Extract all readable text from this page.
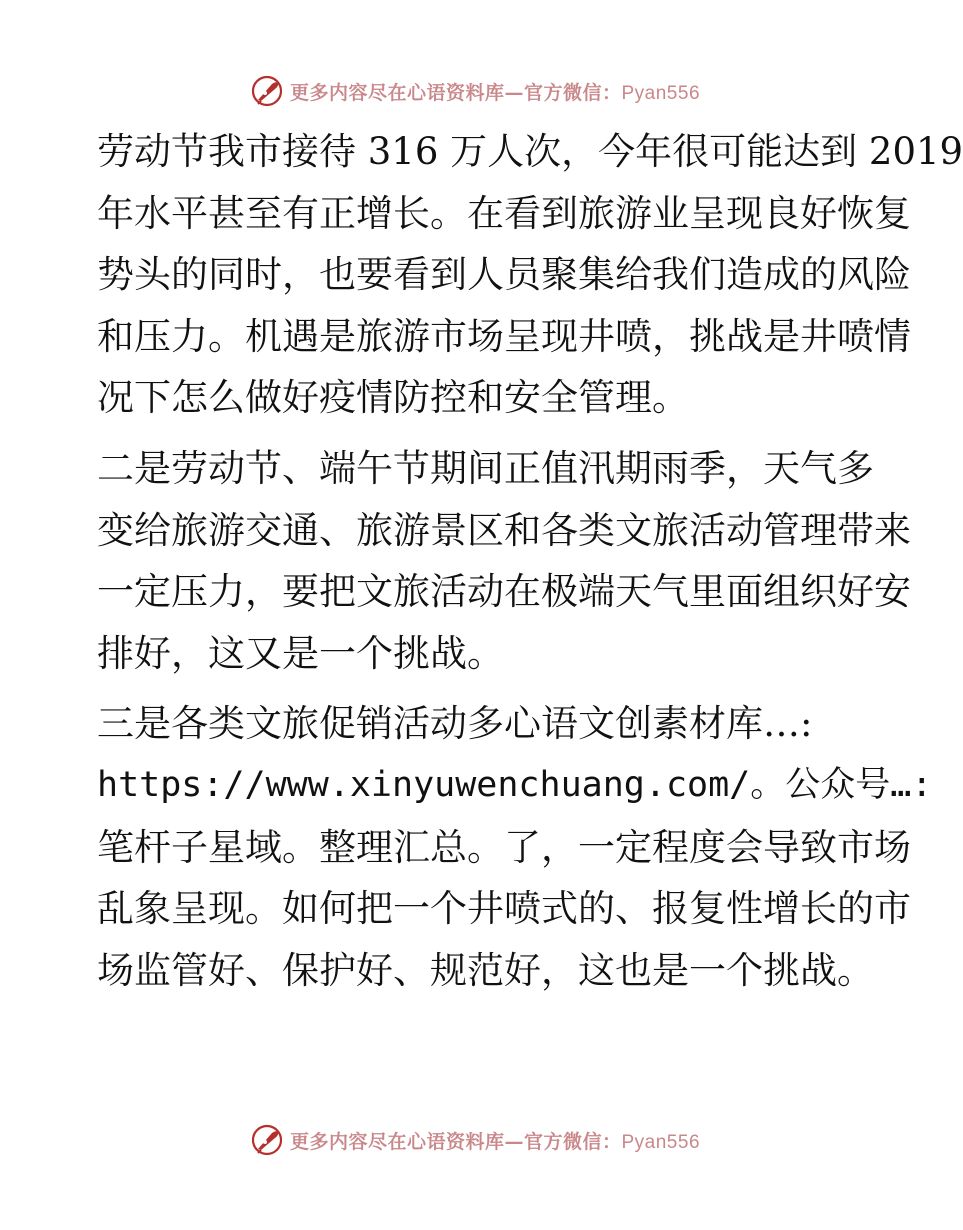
更多内容尽在心语资料库—官方微信：Pyan556
劳动节我市接待 316 万人次，今年很可能达到 2019
年水平甚至有正增长。在看到旅游业呈现良好恢复
势头的同时，也要看到人员聚集给我们造成的风险
和压力。机遇是旅游市场呈现井喷，挑战是井喷情
况下怎么做好疫情防控和安全管理。
二是劳动节、端午节期间正值汛期雨季，天气多
变给旅游交通、旅游景区和各类文旅活动管理带来
一定压力，要把文旅活动在极端天气里面组织好安
排好，这又是一个挑战。
三是各类文旅促销活动多心语文创素材库…:
https://www.xinyuwenchuang.com/。公众号…:
笔杆子星域。整理汇总。了，一定程度会导致市场
乱象呈现。如何把一个井喷式的、报复性增长的市
场监管好、保护好、规范好，这也是一个挑战。
更多内容尽在心语资料库—官方微信：Pyan556
